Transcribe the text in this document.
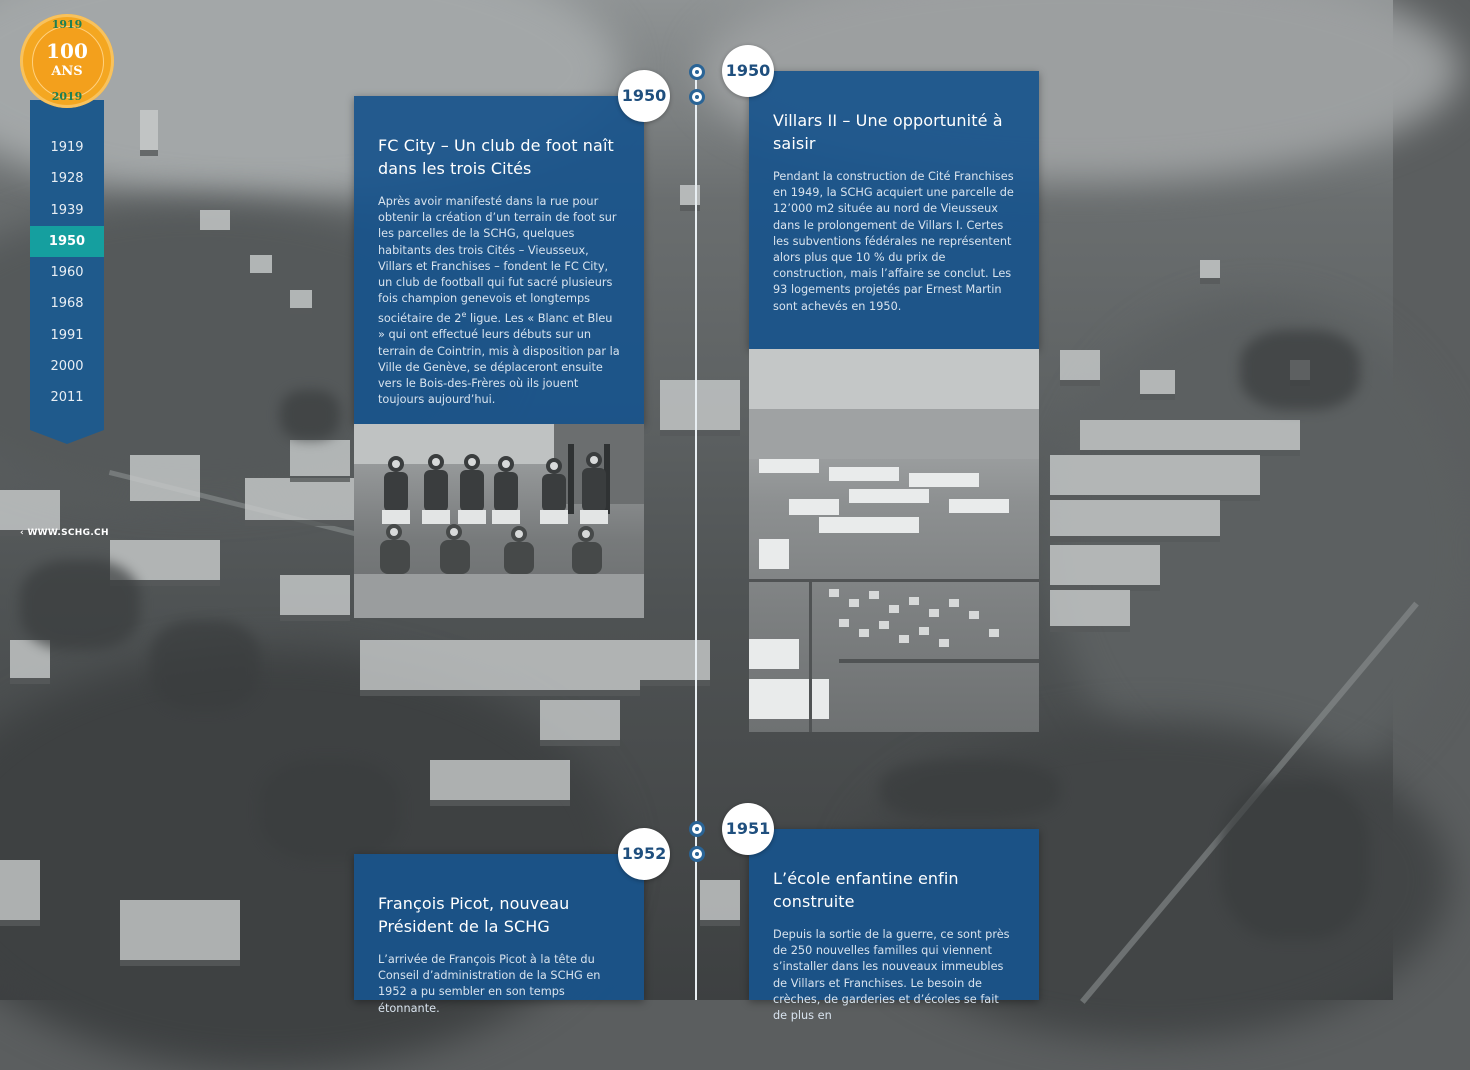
1919
100
ANS
2019
1919
1928
1939
1950
1960
1968
1991
2000
2011
‹ WWW.SCHG.CH
1950
FC City – Un club de foot naît dans les trois Cités

Après avoir manifesté dans la rue pour obtenir la création d’un terrain de foot sur les parcelles de la SCHG, quelques habitants des trois Cités – Vieusseux, Villars et Franchises – fondent le FC City, un club de football qui fut sacré plusieurs fois champion genevois et longtemps sociétaire de 2e ligue. Les « Blanc et Bleu » qui ont effectué leurs débuts sur un terrain de Cointrin, mis à disposition par la Ville de Genève, se déplaceront ensuite vers le Bois-des-Frères où ils jouent toujours aujourd’hui.

1950
Villars II – Une opportunité à saisir

Pendant la construction de Cité Franchises en 1949, la SCHG acquiert une parcelle de 12’000 m2 située au nord de Vieusseux dans le prolongement de Villars I. Certes les subventions fédérales ne représentent alors plus que 10 % du prix de construction, mais l’affaire se conclut. Les 93 logements projetés par Ernest Martin sont achevés en 1950.

1952
François Picot, nouveau Président de la SCHG

L’arrivée de François Picot à la tête du Conseil d’administration de la SCHG en 1952 a pu sembler en son temps étonnante.

1951
L’école enfantine enfin construite

Depuis la sortie de la guerre, ce sont près de 250 nouvelles familles qui viennent s’installer dans les nouveaux immeubles de Villars et Franchises. Le besoin de crèches, de garderies et d’écoles se fait de plus en
